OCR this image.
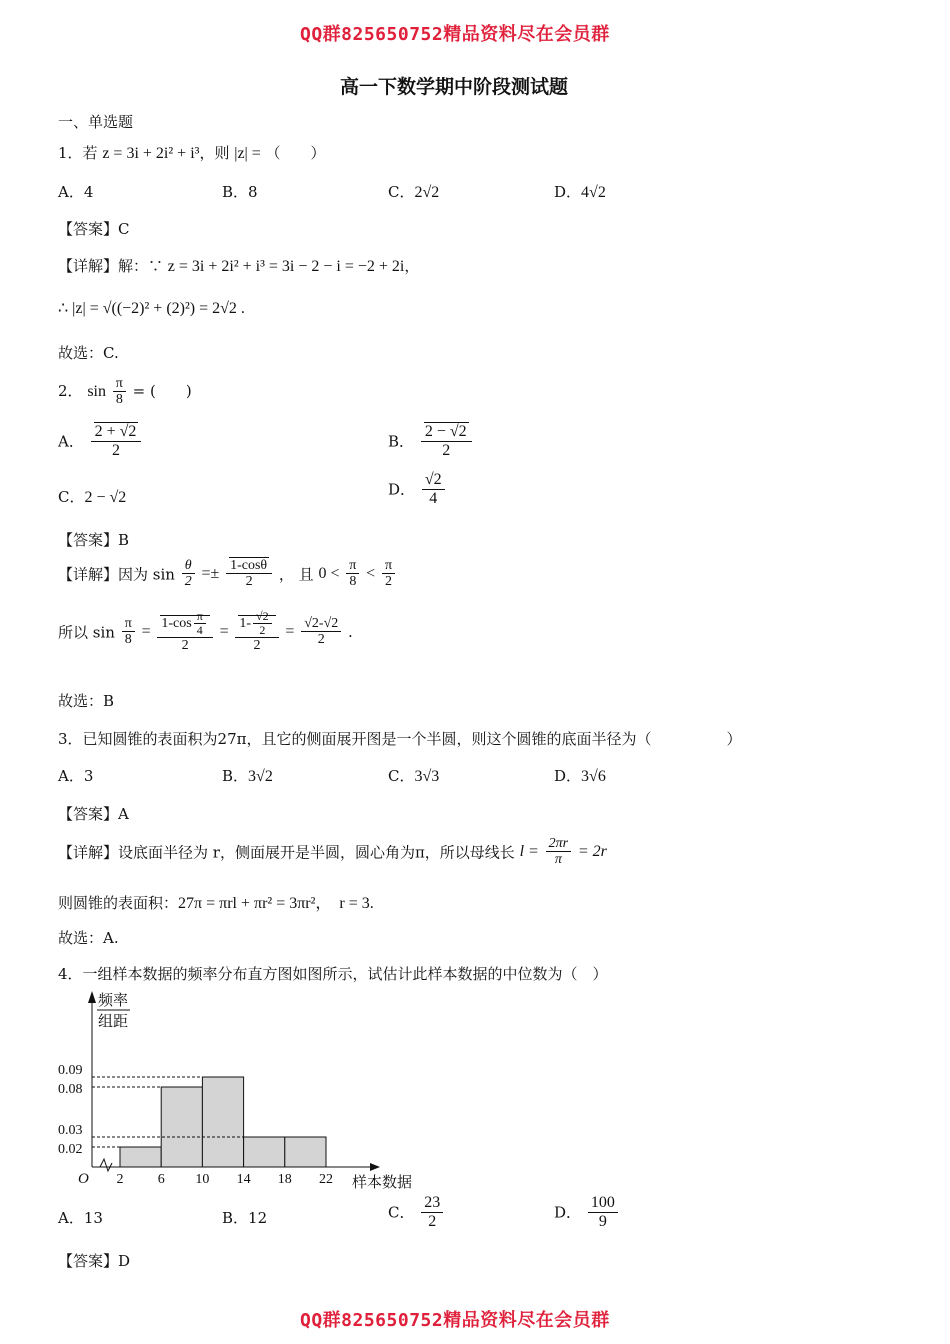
QQ群825650752精品资料尽在会员群
QQ群825650752精品资料尽在会员群
高一下数学期中阶段测试题
一、单选题
1．若 z = 3i + 2i² + i³，则 |z| = （　　）
A．4	B．8	C．2√2	D．4√2
【答案】C
【详解】解：∵ z = 3i + 2i² + i³ = 3i − 2 − i = −2 + 2i，
∴ |z| = √((−2)² + (2)²) = 2√2 .
故选：C.
2． $\sin \frac{\pi}{8}$ = (　　)
A． $\frac{2 + √2}{2}$	B． $\frac{2 - √2}{2}$
C．2 − √2	D． $\frac{√2}{4}$
【答案】B
【详解】因为 $\sin \frac{\theta}{2} =\pm \frac{1-\cos\theta}{2}$ ， 且 $0 < \frac{\pi}{8} < \frac{\pi}{2}$
所以 $\sin \frac{\pi}{8} = \frac{1-\cos \frac{\pi}{4}}{2} = \frac{1- \frac{√2}{2}}{2} = \frac{√2-√2}{2}$ .
故选：B
3．已知圆锥的表面积为27π，且它的侧面展开图是一个半圆，则这个圆锥的底面半径为（　　　　　）
A．3	B．3√2	C．3√3	D．3√6
【答案】A
【详解】设底面半径为 r，侧面展开是半圆，圆心角为π，所以母线长 $l = \frac{2\pi r}{\pi} = 2r$
则圆锥的表面积：27π = πrl + πr² = 3πr²，　r = 3.
故选：A.
4．一组样本数据的频率分布直方图如图所示，试估计此样本数据的中位数为（　）
0.09
0.08
0.03
0.02
2 6 10 14 18 22
O	样本数据
频率
组距
A．13	B．12	C． $\frac{23}{2}$	D． $\frac{100}{9}$
【答案】D
